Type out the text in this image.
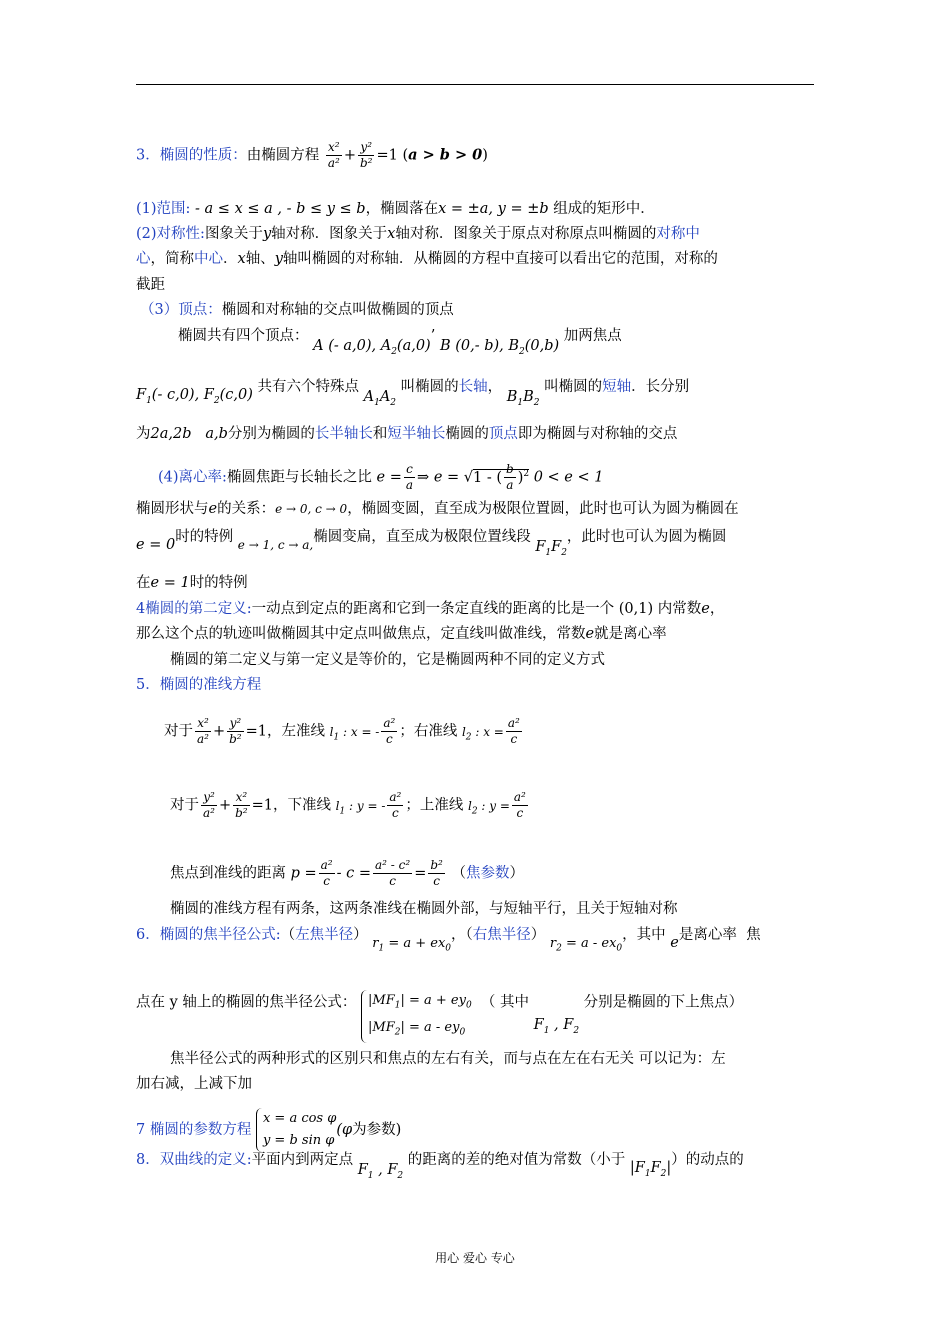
3．椭圆的性质：由椭圆方程 $\frac{\text{x²}}{\text{a²}} + \frac{\text{y²}}{\text{b²}} =1$ (a > b > 0)
(1)范围: - a ≤ x ≤ a , - b ≤ y ≤ b，椭圆落在x = ±a, y = ±b 组成的矩形中．
(2)对称性:图象关于y轴对称．图象关于x轴对称．图象关于原点对称原点叫椭圆的对称中
心，简称中心．x轴、y轴叫椭圆的对称轴．从椭圆的方程中直接可以看出它的范围，对称的
截距
（3）顶点：椭圆和对称轴的交点叫做椭圆的顶点
椭圆共有四个顶点： A (- a,0), $A_2(a,0)$’ B (0,- b), $B_2(0,b)$ 加两焦点
$F_1(-$ c,0), $F_2(c,0)$ 共有六个特殊点 $A_1A_2$ 叫椭圆的长轴， $B_1B_2$ 叫椭圆的短轴．长分别
为2a,2b   a,b分别为椭圆的长半轴长和短半轴长椭圆的顶点即为椭圆与对称轴的交点
(4)离心率:椭圆焦距与长轴长之比 $e = \frac{c}{a}$ ⇒ e = √1 - ( $\frac{b}{a} )^2$ 0 < e < 1
椭圆形状与e的关系：e → 0, c → 0，椭圆变圆，直至成为极限位置圆，此时也可认为圆为椭圆在
e = 0时的特例 $_{e \to 1, c \to a,}$椭圆变扁，直至成为极限位置线段 $F_1F_2$，此时也可认为圆为椭圆
在e = 1时的特例
4椭圆的第二定义:一动点到定点的距离和它到一条定直线的距离的比是一个 (0,1) 内常数e，
那么这个点的轨迹叫做椭圆其中定点叫做焦点，定直线叫做准线，常数e就是离心率
椭圆的第二定义与第一定义是等价的，它是椭圆两种不同的定义方式
5．椭圆的准线方程
对于 $\frac{\text{x²}}{\text{a²}} + \frac{\text{y²}}{\text{b²}} =1$，左准线 $l_1$ : x = - $\frac{\text{a²}}{c}$ ；右准线 $l_2$ : $x = \frac{\text{a²}}{c}$
对于 $\frac{\text{y²}}{\text{a²}} + \frac{\text{x²}}{\text{b²}} =1$，下准线 $l_1$ : y = - $\frac{\text{a²}}{c}$ ；上准线 $l_2$ : $y = \frac{\text{a²}}{c}$
焦点到准线的距离 $p = \frac{\text{a²}}{c} - c = \frac{\text{a² - c²}}{c} = \frac{\text{b²}}{c}$ （焦参数）
椭圆的准线方程有两条，这两条准线在椭圆外部，与短轴平行，且关于短轴对称
6．椭圆的焦半径公式:（左焦半径） $r_1 = a + ex_0$，（右焦半径） $r_2 = a - ex_0$，其中 e是离心率 焦
点在 y 轴上的椭圆的焦半径公式： $|MF_1| = a + ey_0$
$|MF_2| = a - ey_0$  （ 其中 $F_1$ , $F_2$ 分别是椭圆的下上焦点）
焦半径公式的两种形式的区别只和焦点的左右有关，而与点在左在右无关 可以记为：左
加右减，上减下加
7 椭圆的参数方程 x = a cos φ
y = b sin φ(φ为参数)
8．双曲线的定义:平面内到两定点 $F_1$ , $F_2$ 的距离的差的绝对值为常数（小于 $|F_1F_2|$）的动点的
用心 爱心 专心
